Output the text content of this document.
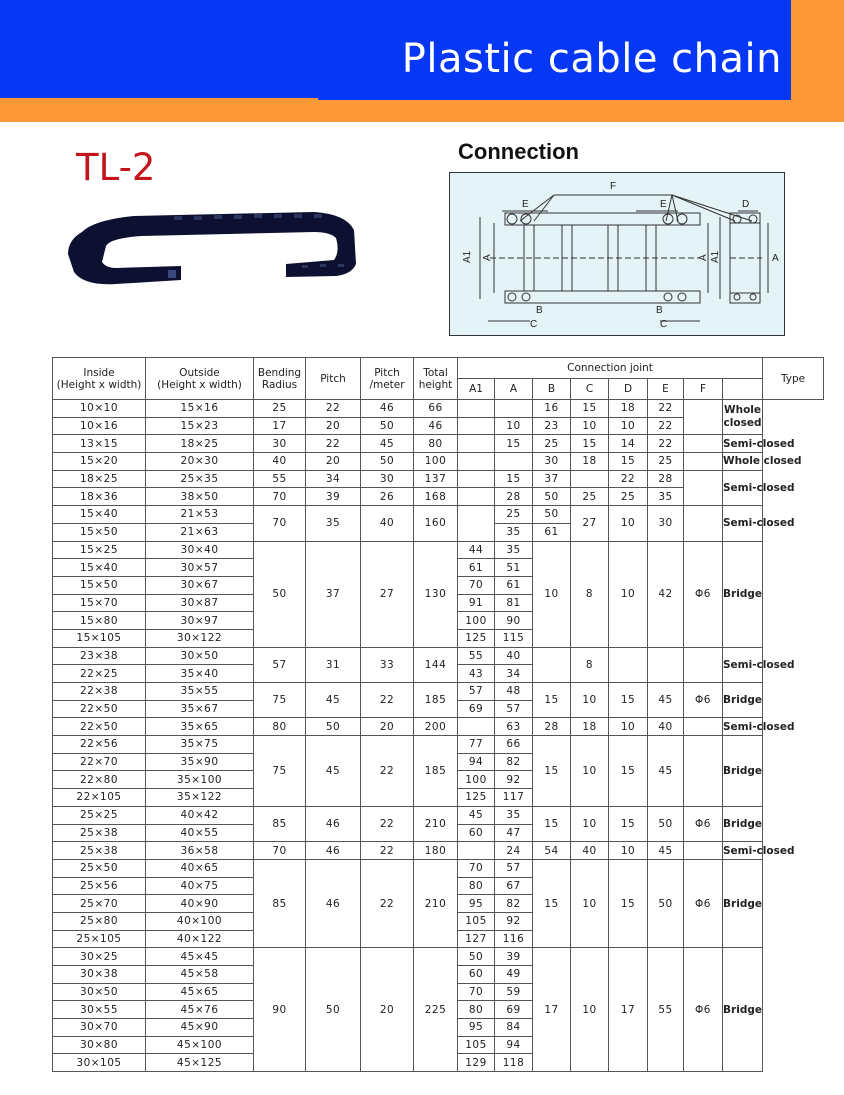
Plastic cable chain
TL-2	Connection
F
E	E	D
A1 A	A A1	A
B
C
B
C
Inside
(Height x width)	Outside
(Height x width)	Bending
Radius	Pitch	Pitch
/meter	Total
height	Connection joint								Type
						A1	A	B	C	D	E	F	
10×10	15×16	25	22	46	66			16	15	18	22		Whole
closed	
10×16	15×23	17	20	50	46		10	23	10	10	22			
13×15	18×25	30	22	45	80		15	25	15	14	22		Semi-closed	
15×20	20×30	40	20	50	100			30	18	15	25		Whole closed	
18×25	25×35	55	34	30	137		15	37		22	28		Semi-closed	
18×36	38×50	70	39	26	168		28	50	25	25	35			
15×40	21×53	70	35	40	160		25	50	27	10	30		Semi-closed	
15×50	21×63						35	61						
15×25	30×40	50	37	27	130	44	35	10	8	10	42	Φ6	Bridge	
15×40	30×57					61	51							
15×50	30×67					70	61							
15×70	30×87					91	81							
15×80	30×97					100	90							
15×105	30×122					125	115							
23×38	30×50	57	31	33	144	55	40		8				Semi-closed	
22×25	35×40					43	34							
22×38	35×55	75	45	22	185	57	48	15	10	15	45	Φ6	Bridge	
22×50	35×67					69	57							
22×50	35×65	80	50	20	200		63	28	18	10	40		Semi-closed	
22×56	35×75	75	45	22	185	77	66	15	10	15	45		Bridge	
22×70	35×90					94	82							
22×80	35×100					100	92							
22×105	35×122					125	117							
25×25	40×42	85	46	22	210	45	35	15	10	15	50	Φ6	Bridge	
25×38	40×55					60	47							
25×38	36×58	70	46	22	180		24	54	40	10	45		Semi-closed	
25×50	40×65	85	46	22	210	70	57	15	10	15	50	Φ6	Bridge	
25×56	40×75					80	67							
25×70	40×90					95	82							
25×80	40×100					105	92							
25×105	40×122					127	116							
30×25	45×45	90	50	20	225	50	39	17	10	17	55	Φ6	Bridge	
30×38	45×58					60	49							
30×50	45×65					70	59							
30×55	45×76					80	69							
30×70	45×90					95	84							
30×80	45×100					105	94							
30×105	45×125					129	118							
